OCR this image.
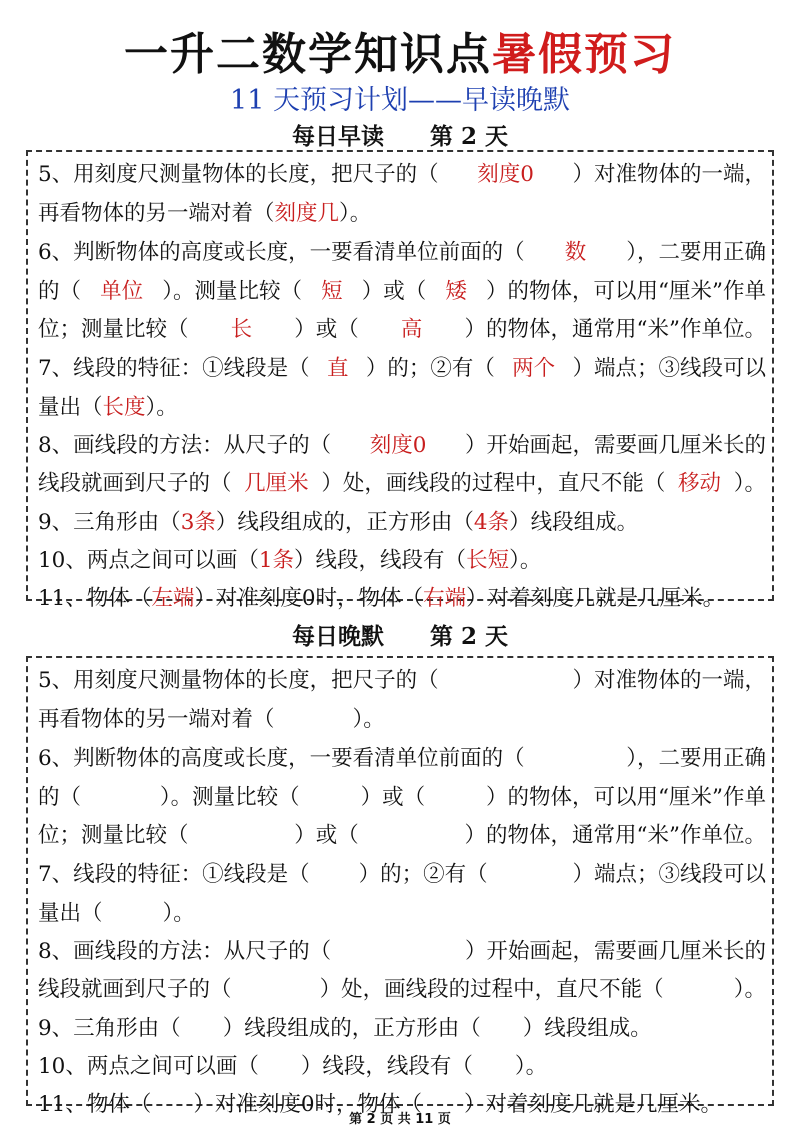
一升二数学知识点暑假预习
11 天预习计划——早读晚默
每日早读 第 2 天
5、用刻度尺测量物体的长度，把尺子的（ 刻度0 ）对准物体的一端，
再看物体的另一端对着（ 刻度几 ）。
6、判断物体的高度或长度，一要看清单位前面的（ 数 ），二要用正确
的（ 单位 ）。测量比较（ 短 ）或（ 矮 ）的物体，可以用“厘米”作单
位；测量比较（ 长 ）或（ 高 ）的物体，通常用“米”作单位。
7、线段的特征：①线段是（ 直 ）的；②有（ 两个 ）端点；③线段可以
量出（ 长度 ）。
8、画线段的方法：从尺子的（ 刻度0 ）开始画起，需要画几厘米长的
线段就画到尺子的（ 几厘米 ）处，画线段的过程中，直尺不能（ 移动 ）。
9、三角形由（ 3条 ）线段组成的，正方形由（ 4条 ）线段组成。
10、两点之间可以画（ 1条 ）线段，线段有（ 长短 ）。
11、物体（ 左端 ）对准刻度0时，物体（ 右端 ）对着刻度几就是几厘米。
每日晚默 第 2 天
5、用刻度尺测量物体的长度，把尺子的（	）对准物体的一端，
再看物体的另一端对着（	）。
6、判断物体的高度或长度，一要看清单位前面的（	），二要用正确
的（	）。测量比较（	）或（	）的物体，可以用“厘米”作单
位；测量比较（	）或（	）的物体，通常用“米”作单位。
7、线段的特征：①线段是（ ）的；②有（	）端点；③线段可以
量出（	）。
8、画线段的方法：从尺子的（	）开始画起，需要画几厘米长的
线段就画到尺子的（	）处，画线段的过程中，直尺不能（	）。
9、三角形由（ ）线段组成的，正方形由（ ）线段组成。
10、两点之间可以画（ ）线段，线段有（ ）。
11、物体（ ）对准刻度0时，物体（ ）对着刻度几就是几厘米。
第 2 页 共 11 页
